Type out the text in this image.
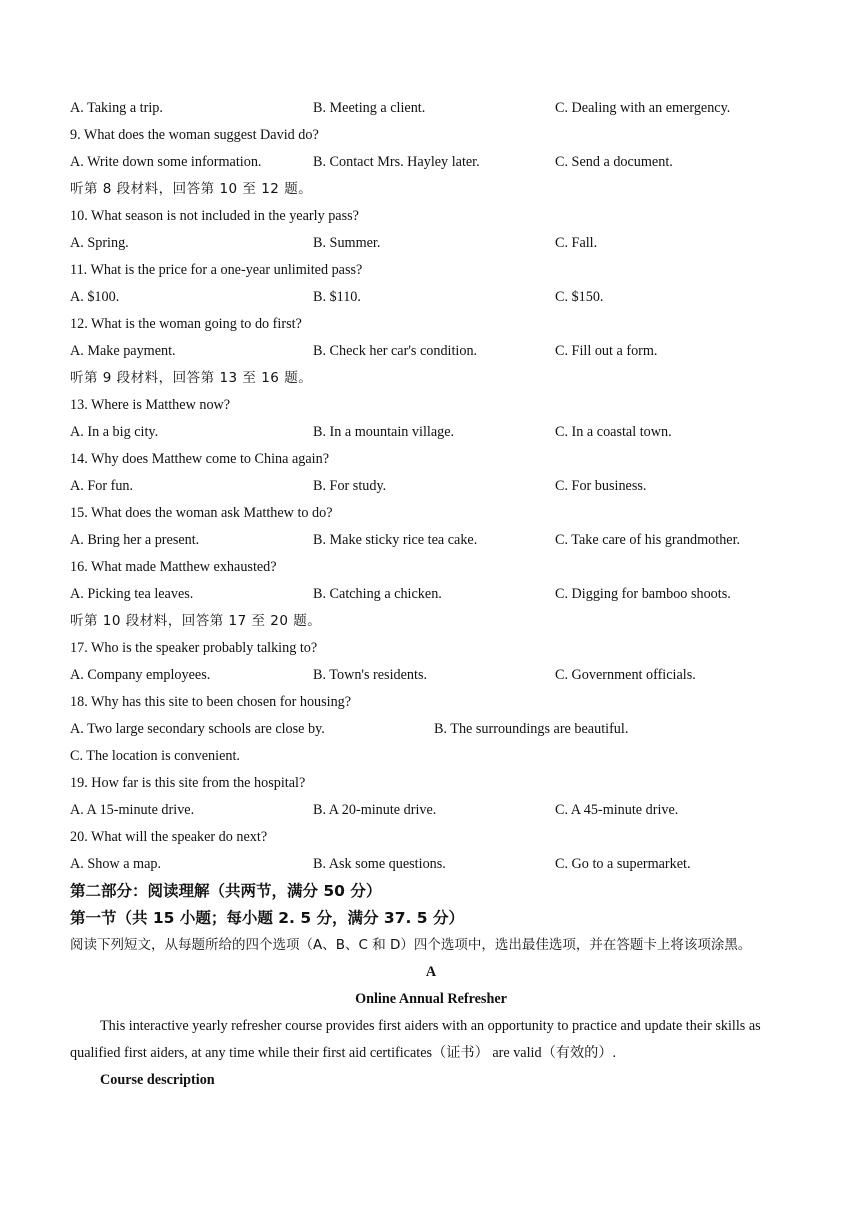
A. Taking a trip.	B. Meeting a client.	C. Dealing with an emergency.
9. What does the woman suggest David do?
A. Write down some information.	B. Contact Mrs. Hayley later.	C. Send a document.
听第 8 段材料，回答第 10 至 12 题。
10. What season is not included in the yearly pass?
A. Spring.	B. Summer.	C. Fall.
11. What is the price for a one-year unlimited pass?
A. $100.	B. $110.	C. $150.
12. What is the woman going to do first?
A. Make payment.	B. Check her car's condition.	C. Fill out a form.
听第 9 段材料，回答第 13 至 16 题。
13. Where is Matthew now?
A. In a big city.	B. In a mountain village.	C. In a coastal town.
14. Why does Matthew come to China again?
A. For fun.	B. For study.	C. For business.
15. What does the woman ask Matthew to do?
A. Bring her a present.	B. Make sticky rice tea cake.	C. Take care of his grandmother.
16. What made Matthew exhausted?
A. Picking tea leaves.	B. Catching a chicken.	C. Digging for bamboo shoots.
听第 10 段材料，回答第 17 至 20 题。
17. Who is the speaker probably talking to?
A. Company employees.	B. Town's residents.	C. Government officials.
18. Why has this site to been chosen for housing?
A. Two large secondary schools are close by.	B. The surroundings are beautiful.
C. The location is convenient.
19. How far is this site from the hospital?
A. A 15-minute drive.	B. A 20-minute drive.	C. A 45-minute drive.
20. What will the speaker do next?
A. Show a map.	B. Ask some questions.	C. Go to a supermarket.
第二部分：阅读理解（共两节，满分 50 分）
第一节（共 15 小题；每小题 2. 5 分，满分 37. 5 分）
阅读下列短文，从每题所给的四个选项（A、B、C 和 D）四个选项中，选出最佳选项，并在答题卡上将该项涂黑。
A
Online Annual Refresher
This interactive yearly refresher course provides first aiders with an opportunity to practice and update their skills as qualified first aiders, at any time while their first aid certificates（证书） are valid（有效的）.
Course description
